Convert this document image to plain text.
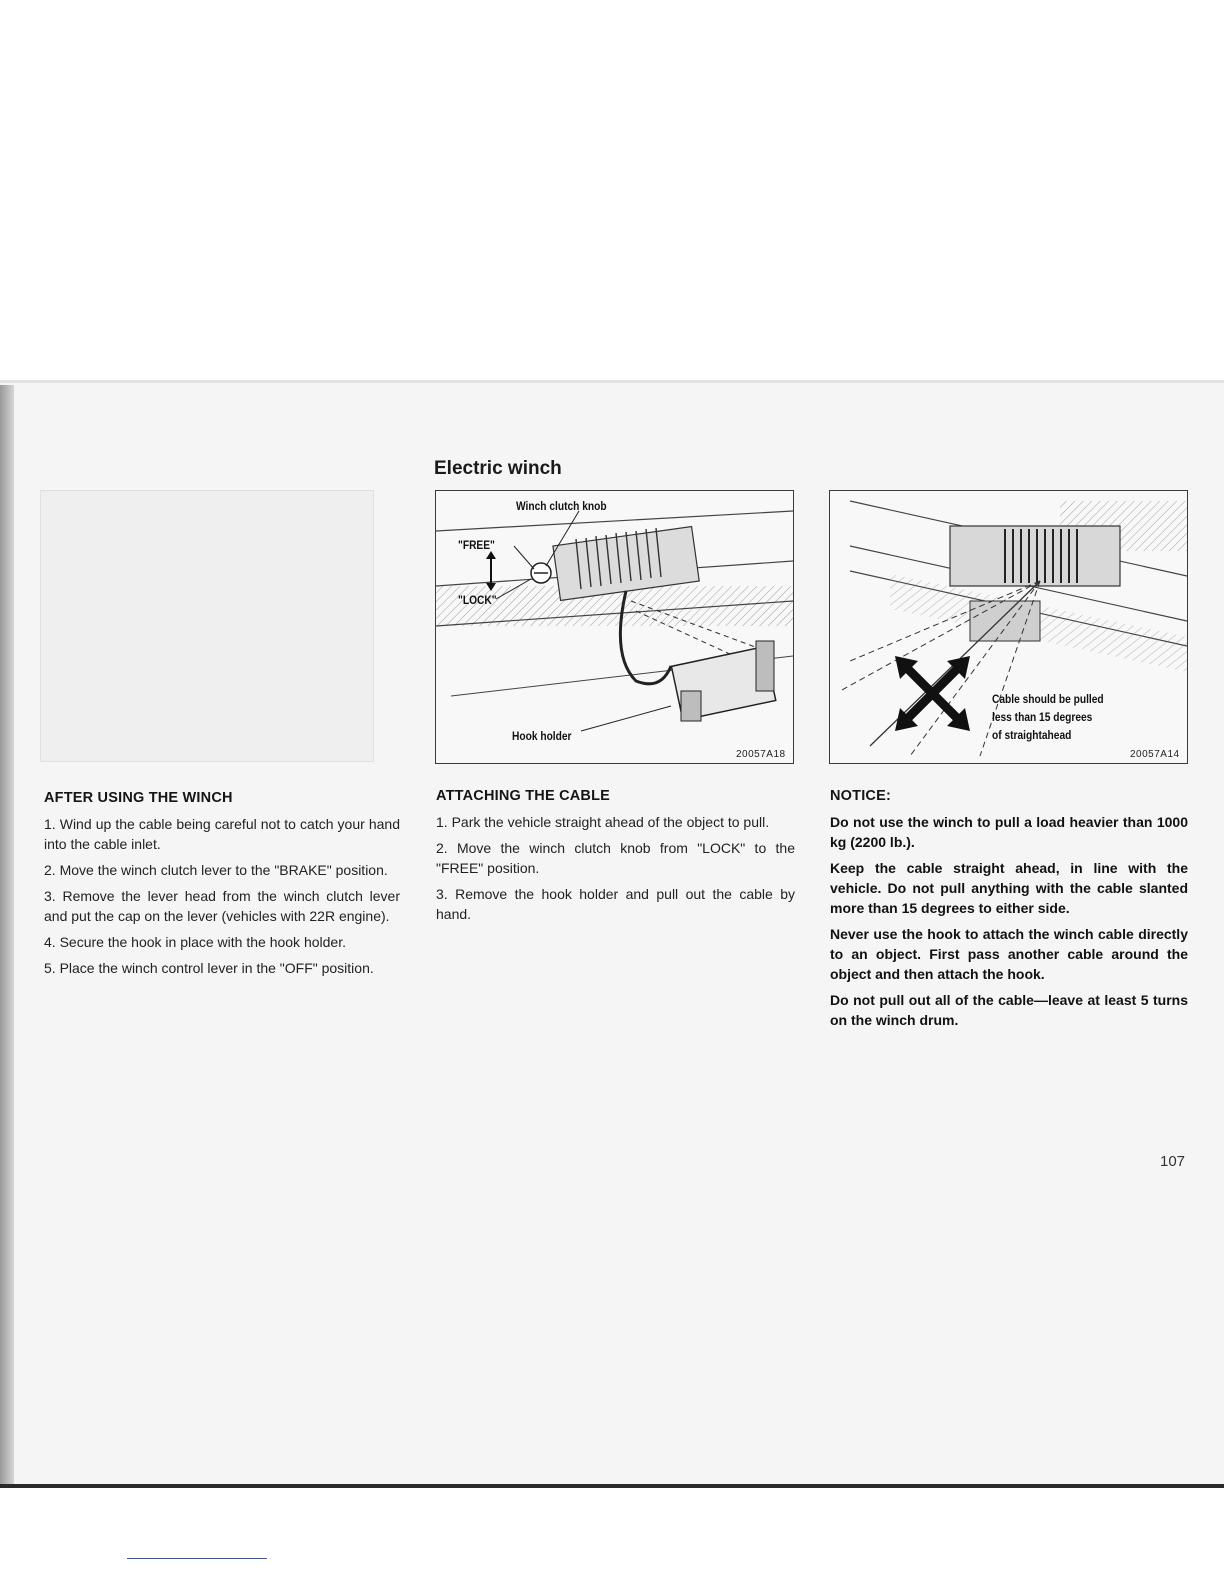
Electric winch
Winch clutch knob
"FREE"
"LOCK"
Hook holder
20057A18
Cable should be pulled
less than 15 degrees
of straightahead
20057A14
AFTER USING THE WINCH

1. Wind up the cable being careful not to catch your hand into the cable inlet.

2. Move the winch clutch lever to the "BRAKE" position.

3. Remove the lever head from the winch clutch lever and put the cap on the lever (vehicles with 22R engine).

4. Secure the hook in place with the hook holder.

5. Place the winch control lever in the "OFF" position.

ATTACHING THE CABLE

1. Park the vehicle straight ahead of the object to pull.

2. Move the winch clutch knob from "LOCK" to the "FREE" position.

3. Remove the hook holder and pull out the cable by hand.

NOTICE:

Do not use the winch to pull a load heavier than 1000 kg (2200 lb.).

Keep the cable straight ahead, in line with the vehicle. Do not pull anything with the cable slanted more than 15 degrees to either side.

Never use the hook to attach the winch cable directly to an object. First pass another cable around the object and then attach the hook.

Do not pull out all of the cable—leave at least 5 turns on the winch drum.

107
